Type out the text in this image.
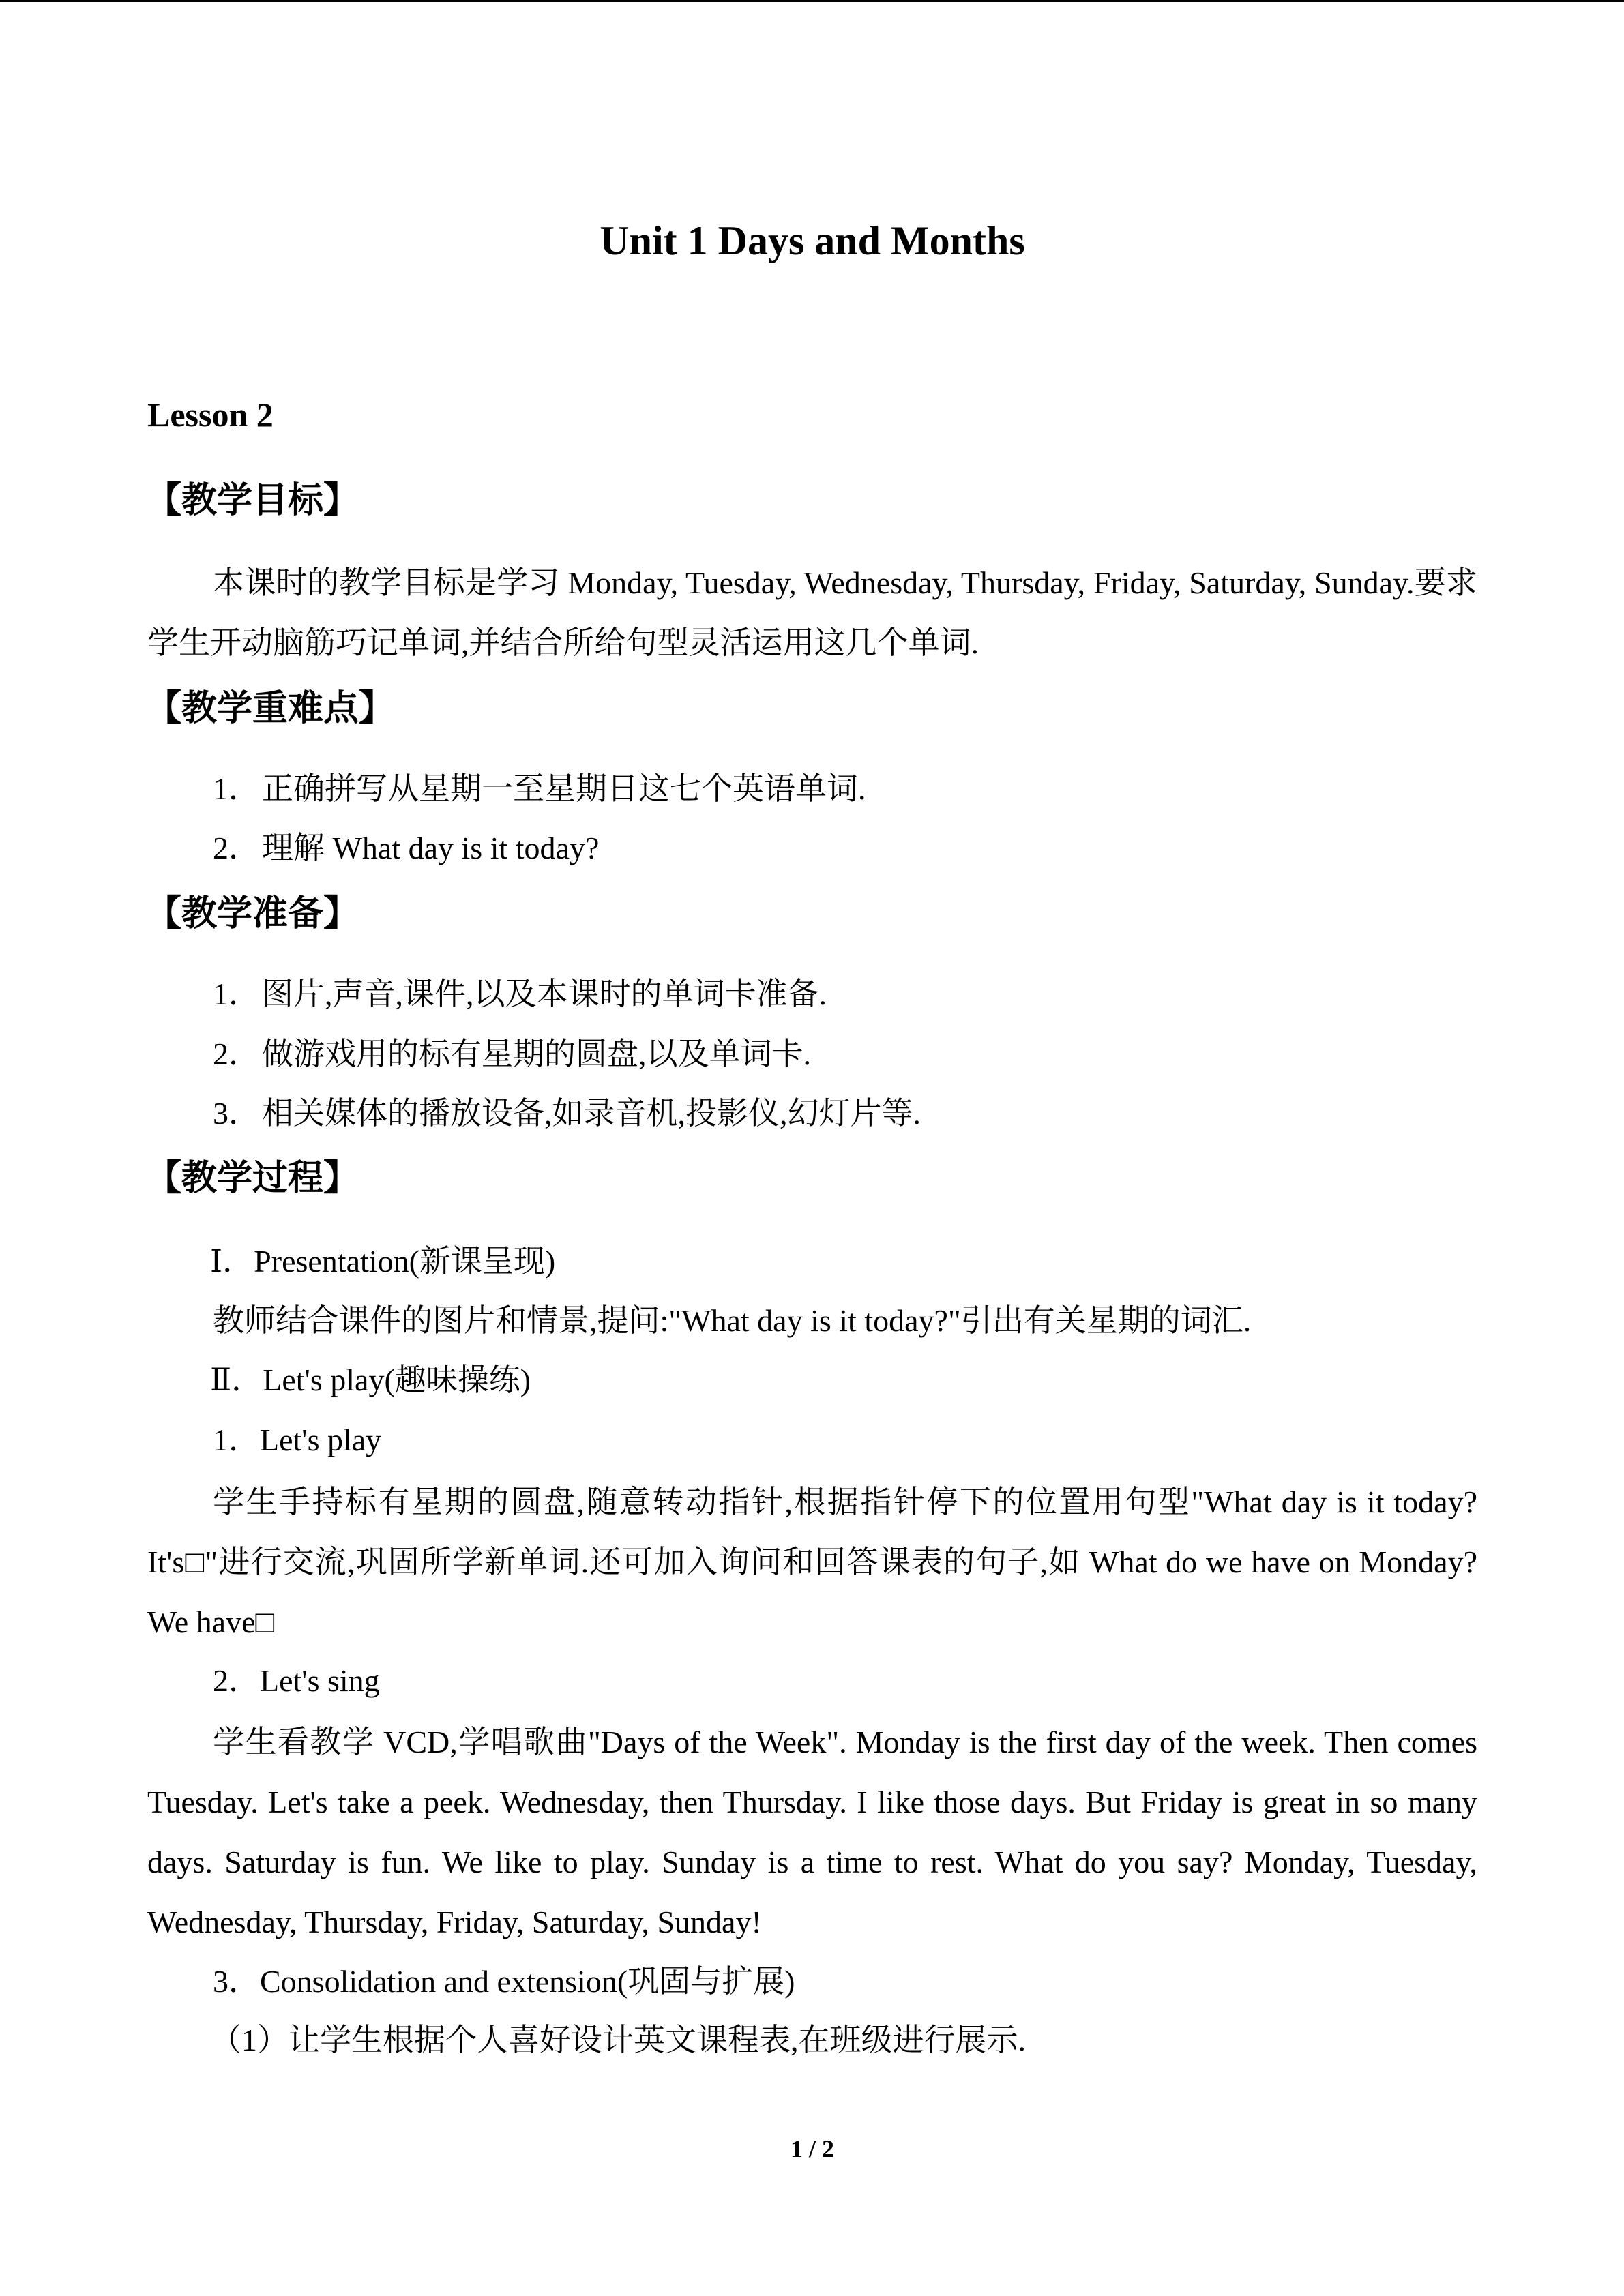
Unit 1 Days and Months
Lesson 2
【教学目标】

本课时的教学目标是学习 Monday, Tuesday, Wednesday, Thursday, Friday, Saturday, Sunday.要求学生开动脑筋巧记单词,并结合所给句型灵活运用这几个单词.

【教学重难点】

1．正确拼写从星期一至星期日这七个英语单词.

2．理解 What day is it today?

【教学准备】

1．图片,声音,课件,以及本课时的单词卡准备.

2．做游戏用的标有星期的圆盘,以及单词卡.

3．相关媒体的播放设备,如录音机,投影仪,幻灯片等.

【教学过程】

Ⅰ．Presentation(新课呈现)

教师结合课件的图片和情景,提问:"What day is it today?"引出有关星期的词汇.

Ⅱ．Let's play(趣味操练)

1．Let's play

学生手持标有星期的圆盘,随意转动指针,根据指针停下的位置用句型"What day is it today? It's□"进行交流,巩固所学新单词.还可加入询问和回答课表的句子,如 What do we have on Monday? We have□

2．Let's sing

学生看教学 VCD,学唱歌曲"Days of the Week". Monday is the first day of the week. Then comes Tuesday. Let's take a peek. Wednesday, then Thursday. I like those days. But Friday is great in so many days. Saturday is fun. We like to play. Sunday is a time to rest. What do you say? Monday, Tuesday, Wednesday, Thursday, Friday, Saturday, Sunday!

3．Consolidation and extension(巩固与扩展)

（1）让学生根据个人喜好设计英文课程表,在班级进行展示.

1 / 2
